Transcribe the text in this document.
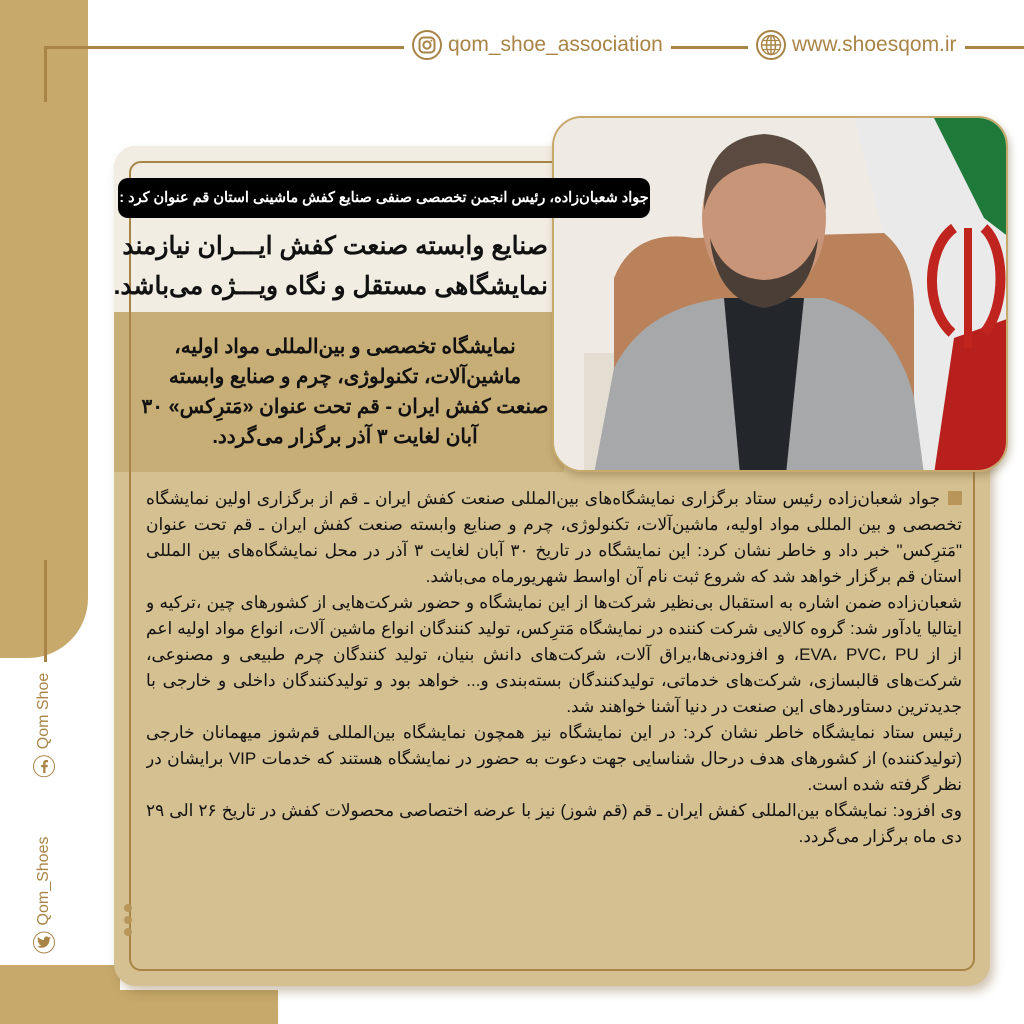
qom_shoe_association	www.shoesqom.ir
Qom Shoe
Qom_Shoes
جواد شعبان‌زاده، رئیس انجمن تخصصی صنفی صنایع کفش ماشینی استان قم عنوان کرد :
صنایع وابسته صنعت کفش ایـــران نیازمند
نمایشگاهی مستقل و نگاه ویـــژه می‌باشد.
نمایشگاه تخصصی و بین‌المللی مواد اولیه، ماشین‌آلات، تکنولوژی، چرم و صنایع وابسته صنعت کفش ایران - قم تحت عنوان «مَترِکس» ۳۰ آبان لغایت ۳ آذر برگزار می‌گردد.

جواد شعبان‌زاده رئیس ستاد برگزاری نمایشگاه‌های بین‌المللی صنعت کفش ایران ـ قم از برگزاری اولین نمایشگاه تخصصی و بین المللی مواد اولیه، ماشین‌آلات، تکنولوژی، چرم و صنایع وابسته صنعت کفش ایران ـ قم تحت عنوان "مَترِکس" خبر داد و خاطر نشان کرد: این نمایشگاه در تاریخ ۳۰ آبان لغایت ۳ آذر در محل نمایشگاه‌های بین المللی استان قم برگزار خواهد شد که شروع ثبت نام آن اواسط شهریورماه می‌باشد.

شعبان‌زاده ضمن اشاره به استقبال بی‌نظیر شرکت‌ها از این نمایشگاه و حضور شرکت‌هایی از کشورهای چین ،ترکیه و ایتالیا یادآور شد: گروه کالایی شرکت کننده در نمایشگاه مَترِکس، تولید کنندگان انواع ماشین آلات، انواع مواد اولیه اعم از از EVA، PVC، PU، و افزودنی‌ها،یراق آلات، شرکت‌های دانش بنیان، تولید کنندگان چرم طبیعی و مصنوعی، شرکت‌های قالبسازی، شرکت‌های خدماتی، تولیدکنندگان بسته‌بندی و... خواهد بود و تولیدکنندگان داخلی و خارجی با جدیدترین دستاوردهای این صنعت در دنیا آشنا خواهند شد.

رئیس ستاد نمایشگاه خاطر نشان کرد: در این نمایشگاه نیز همچون نمایشگاه بین‌المللی قم‌شوز میهمانان خارجی (تولیدکننده) از کشورهای هدف درحال شناسایی جهت دعوت به حضور در نمایشگاه هستند که خدمات VIP برایشان در نظر گرفته شده است.

وی افزود: نمایشگاه بین‌المللی کفش ایران ـ قم (قم شوز) نیز با عرضه اختصاصی محصولات کفش در تاریخ ۲۶ الی ۲۹ دی ماه برگزار می‌گردد.
